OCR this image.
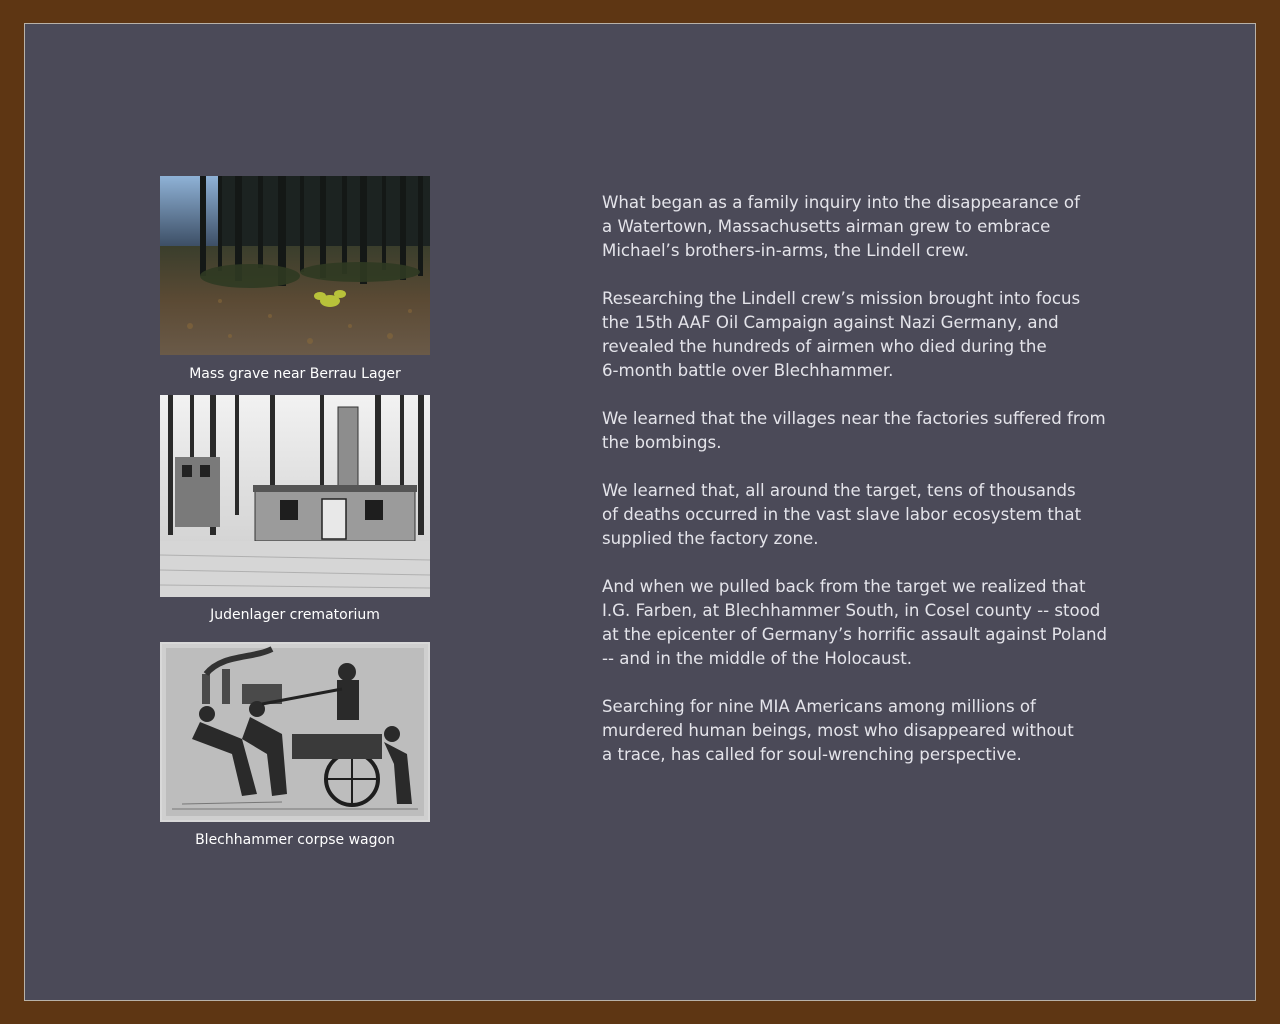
Mass grave near Berrau Lager
Judenlager crematorium
Blechhammer corpse wagon

What began as a family inquiry into the disappearance of
a Watertown, Massachusetts airman grew to embrace
Michael’s brothers-in-arms, the Lindell crew.

Researching the Lindell crew’s mission brought into focus
the 15th AAF Oil Campaign against Nazi Germany, and
revealed the hundreds of airmen who died during the
6-month battle over Blechhammer.

We learned that the villages near the factories suffered from
the bombings.

We learned that, all around the target, tens of thousands
of deaths occurred in the vast slave labor ecosystem that
supplied the factory zone.

And when we pulled back from the target we realized that
I.G. Farben, at Blechhammer South, in Cosel county -- stood
at the epicenter of Germany’s horrific assault against Poland
-- and in the middle of the Holocaust.

Searching for nine MIA Americans among millions of
murdered human beings, most who disappeared without
a trace, has called for soul-wrenching perspective.
